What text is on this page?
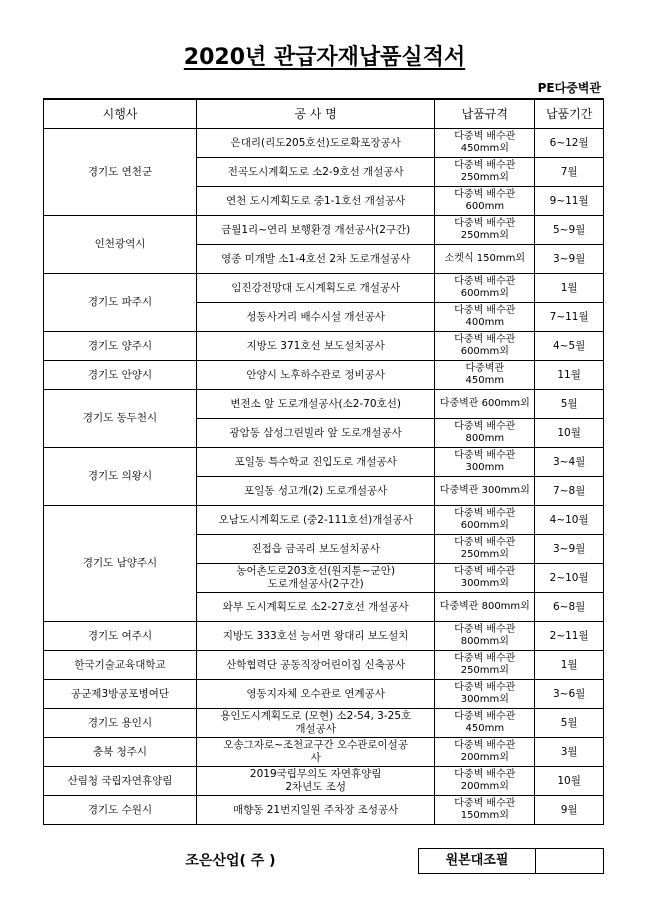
2020년 관급자재납품실적서
PE다중벽관
시행사	공 사 명	납품규격	납품기간
경기도 연천군	은대리(리도205호선)도로확포장공사	다중벽 배수관
450mm외	6~12월
	전곡도시계획도로 소2-9호선 개설공사	다중벽 배수관
250mm외	7월
	연천 도시계획도로 중1-1호선 개설공사	다중벽 배수관
600mm	9~11월
인천광역시	금월1리~연리 보행환경 개선공사(2구간)	다중벽 배수관
250mm외	5~9월
	영종 미개발 소1-4호선 2차 도로개설공사	소켓식 150mm외	3~9월
경기도 파주시	임진강전망대 도시계획도로 개설공사	다중벽 배수관
600mm외	1월
	성동사거리 배수시설 개선공사	다중벽 배수관
400mm	7~11월
경기도 양주시	지방도 371호선 보도설치공사	다중벽 배수관
600mm외	4~5월
경기도 안양시	안양시 노후하수관로 정비공사	다중벽관
450mm	11월
경기도 동두천시	변전소 앞 도로개설공사(소2-70호선)	다중벽관 600mm외	5월
	광암동 삼성그린빌라 앞 도로개설공사	다중벽 배수관
800mm	10월
경기도 의왕시	포일동 특수학교 진입도로 개설공사	다중벽 배수관
300mm	3~4월
	포일동 성고개(2) 도로개설공사	다중벽관 300mm외	7~8월
경기도 남양주시	오남도시계획도로 (중2-111호선)개설공사	다중벽 배수관
600mm외	4~10월
	진접읍 금곡리 보도설치공사	다중벽 배수관
250mm외	3~9월
	농어촌도로203호선(원지툰~군안)
도로개설공사(2구간)	다중벽 배수관
300mm외	2~10월
	와부 도시계획도로 소2-27호선 개설공사	다중벽관 800mm외	6~8월
경기도 여주시	지방도 333호선 능서면 왕대리 보도설치	다중벽 배수관
800mm외	2~11월
한국기술교육대학교	산학협력단 공동직장어린이집 신축공사	다중벽 배수관
250mm외	1월
공군제3방공포병여단	영동지자체 오수관로 연계공사	다중벽 배수관
300mm외	3~6월
경기도 용인시	용인도시계획도로 (모현) 소2-54, 3-25호
개설공사	다중벽 배수관
450mm	5월
충북 청주시	오송그자로~조천교구간 오수관로이설공
사	다중벽 배수관
200mm외	3월
산림청 국립자연휴양림	2019국립무의도 자연휴양림
2차년도 조성	다중벽 배수관
200mm외	10월
경기도 수원시	매향동 21번지일원 주차장 조성공사	다중벽 배수관
150mm외	9월
조은산업( 주 )	원본대조필
